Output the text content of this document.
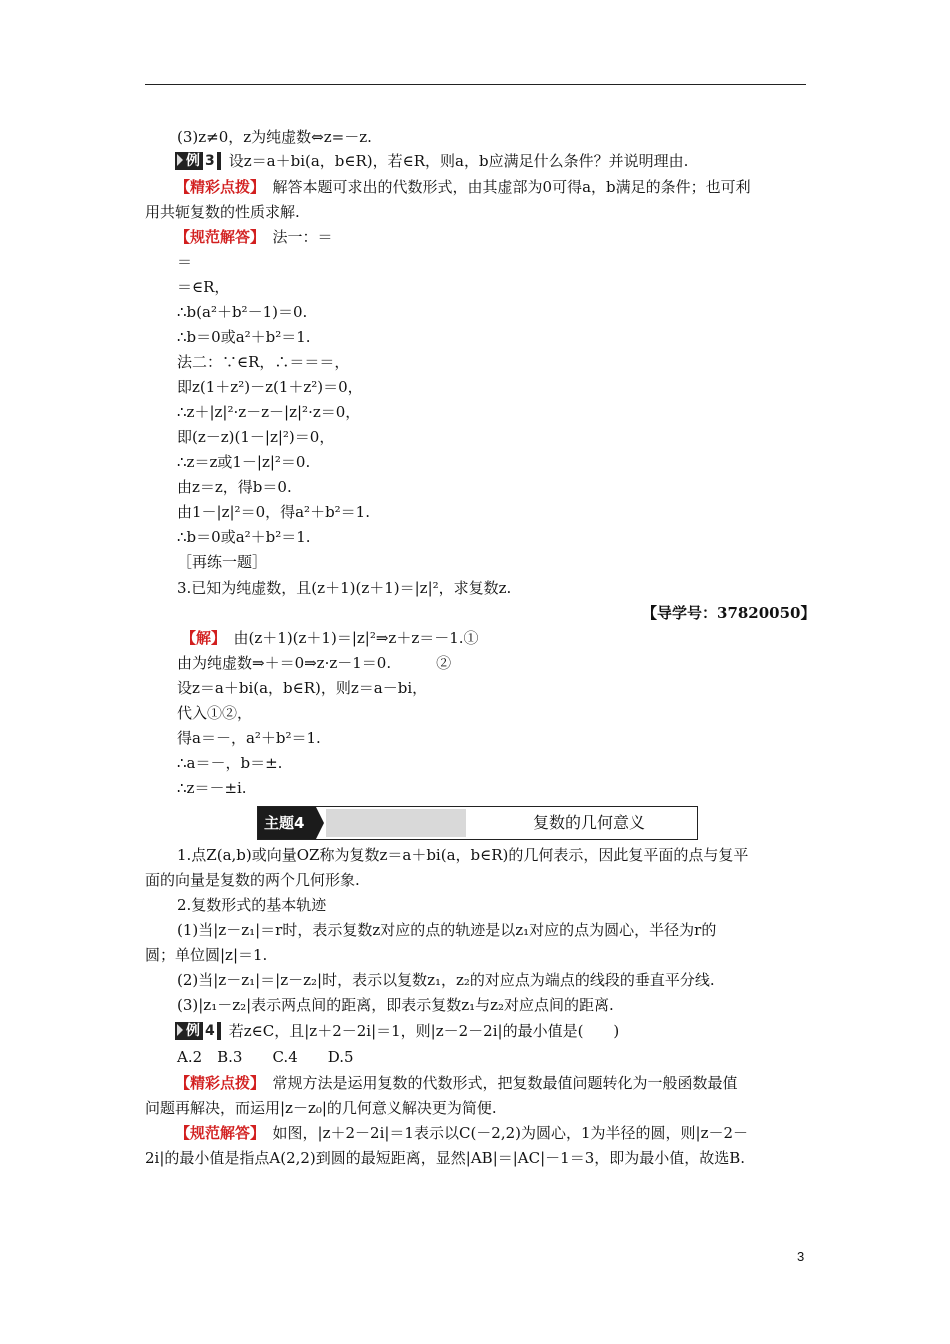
(3)z≠0，z为纯虚数⇔z=－z.
例 3 设z＝a＋bi(a，b∈R)，若∈R，则a，b应满足什么条件？并说明理由.
【精彩点拨】　 解答本题可求出的代数形式，由其虚部为0可得a，b满足的条件；也可利
用共轭复数的性质求解.
【规范解答】　 法一：＝
＝
＝∈R，
∴b(a²＋b²－1)＝0.
∴b＝0或a²＋b²＝1.
法二：∵∈R，∴＝＝＝，
即z(1＋z²)－z(1＋z²)＝0，
∴z＋|z|²·z－z－|z|²·z＝0，
即(z－z)(1－|z|²)＝0，
∴z＝z或1－|z|²＝0.
由z＝z，得b＝0.
由1－|z|²＝0，得a²＋b²＝1.
∴b＝0或a²＋b²＝1.
［再练一题］
3.已知为纯虚数，且(z＋1)(z＋1)＝|z|²，求复数z.
【导学号：37820050】
【解】　 由(z＋1)(z＋1)＝|z|²⇒z＋z＝－1.①
由为纯虚数⇒＋＝0⇒z·z－1＝0.　　　②
设z＝a＋bi(a，b∈R)，则z＝a－bi，
代入①②，
得a＝－，a²＋b²＝1.
∴a＝－，b＝±.
∴z＝－±i.
主题4	复数的几何意义
1.点Z(a,b)或向量OZ称为复数z＝a＋bi(a，b∈R)的几何表示，因此复平面的点与复平
面的向量是复数的两个几何形象.
2.复数形式的基本轨迹
(1)当|z－z₁|＝r时，表示复数z对应的点的轨迹是以z₁对应的点为圆心，半径为r的
圆；单位圆|z|＝1.
(2)当|z－z₁|＝|z－z₂|时，表示以复数z₁，z₂的对应点为端点的线段的垂直平分线.
(3)|z₁－z₂|表示两点间的距离，即表示复数z₁与z₂对应点间的距离.
例 4 若z∈C，且|z＋2－2i|＝1，则|z－2－2i|的最小值是(　　)
A.2　B.3　　C.4　　D.5
【精彩点拨】　 常规方法是运用复数的代数形式，把复数最值问题转化为一般函数最值
问题再解决，而运用|z－z₀|的几何意义解决更为简便.
【规范解答】　 如图，|z＋2－2i|＝1表示以C(－2,2)为圆心，1为半径的圆，则|z－2－
2i|的最小值是指点A(2,2)到圆的最短距离，显然|AB|＝|AC|－1＝3，即为最小值，故选B.
3
